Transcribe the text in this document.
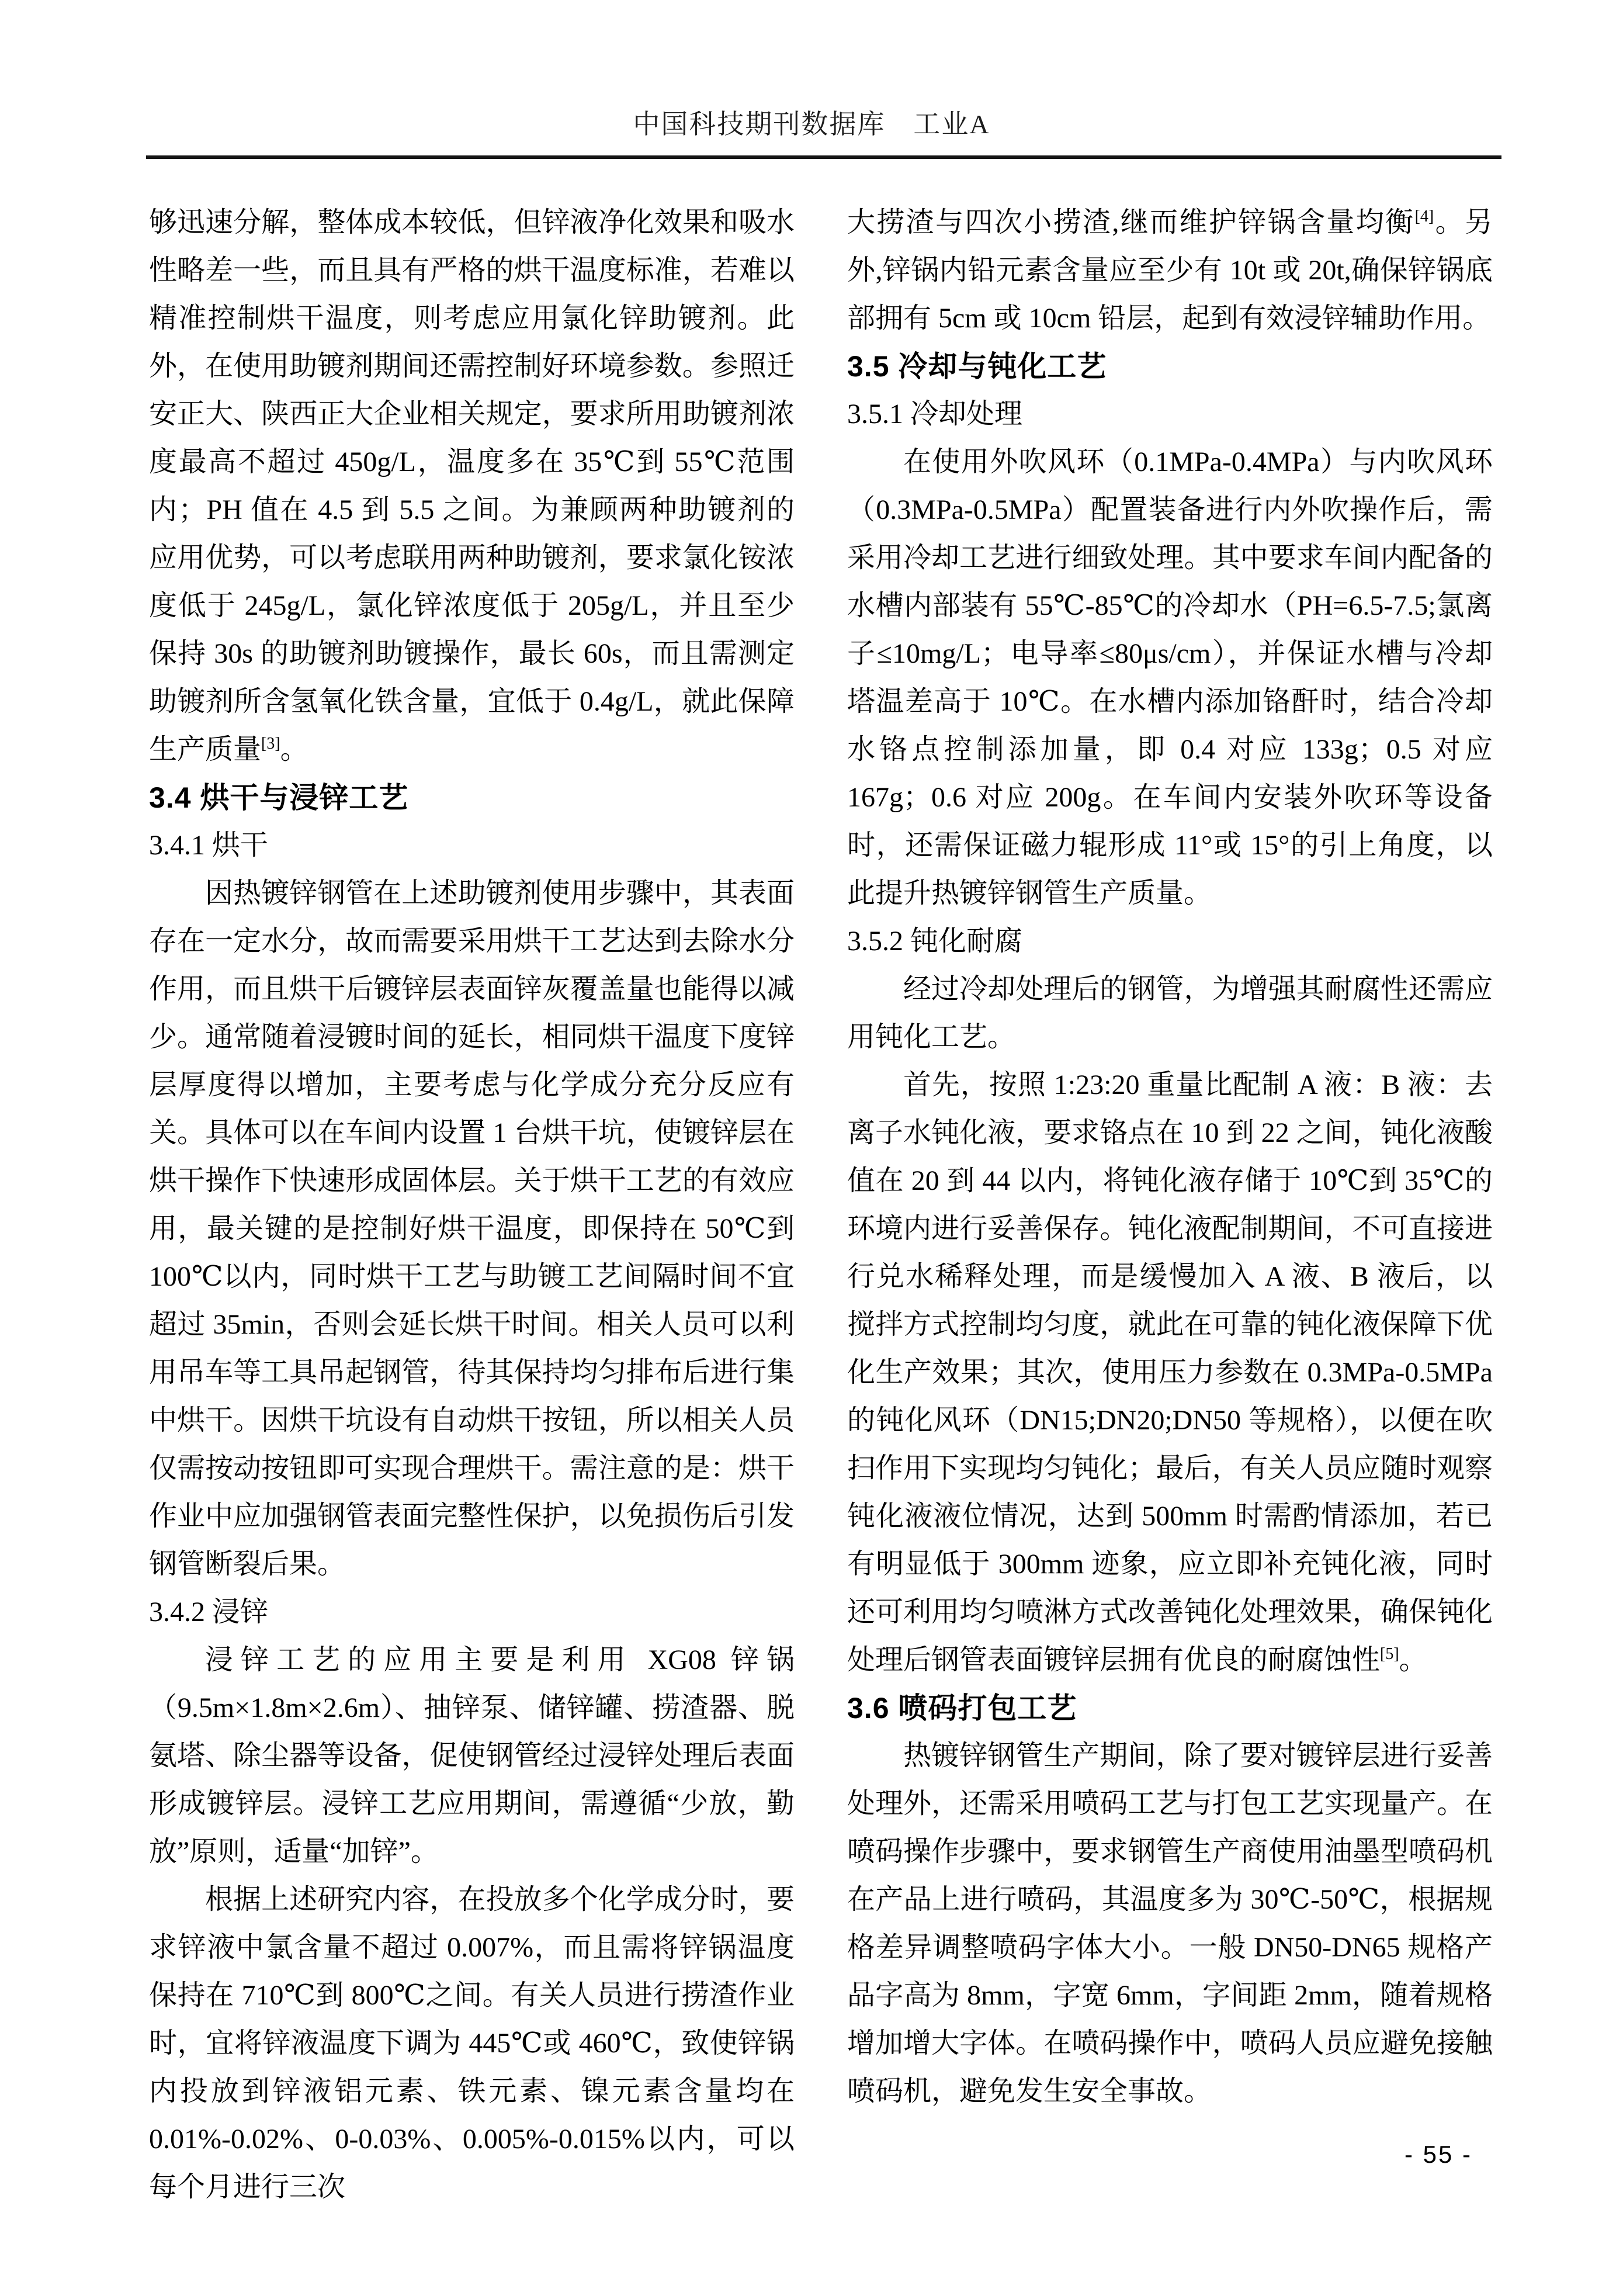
中国科技期刊数据库　工业A

够迅速分解，整体成本较低，但锌液净化效果和吸水性略差一些，而且具有严格的烘干温度标准，若难以精准控制烘干温度，则考虑应用氯化锌助镀剂。此外，在使用助镀剂期间还需控制好环境参数。参照迁安正大、陕西正大企业相关规定，要求所用助镀剂浓度最高不超过 450g/L，温度多在 35℃到 55℃范围内；PH 值在 4.5 到 5.5 之间。为兼顾两种助镀剂的应用优势，可以考虑联用两种助镀剂，要求氯化铵浓度低于 245g/L，氯化锌浓度低于 205g/L，并且至少保持 30s 的助镀剂助镀操作，最长 60s，而且需测定助镀剂所含氢氧化铁含量，宜低于 0.4g/L，就此保障生产质量[3]。

3.4 烘干与浸锌工艺
3.4.1 烘干

因热镀锌钢管在上述助镀剂使用步骤中，其表面存在一定水分，故而需要采用烘干工艺达到去除水分作用，而且烘干后镀锌层表面锌灰覆盖量也能得以减少。通常随着浸镀时间的延长，相同烘干温度下度锌层厚度得以增加，主要考虑与化学成分充分反应有关。具体可以在车间内设置 1 台烘干坑，使镀锌层在烘干操作下快速形成固体层。关于烘干工艺的有效应用，最关键的是控制好烘干温度，即保持在 50℃到 100℃以内，同时烘干工艺与助镀工艺间隔时间不宜超过 35min，否则会延长烘干时间。相关人员可以利用吊车等工具吊起钢管，待其保持均匀排布后进行集中烘干。因烘干坑设有自动烘干按钮，所以相关人员仅需按动按钮即可实现合理烘干。需注意的是：烘干作业中应加强钢管表面完整性保护，以免损伤后引发钢管断裂后果。

3.4.2 浸锌

浸锌工艺的应用主要是利用 XG08 锌锅（9.5m×1.8m×2.6m）、抽锌泵、储锌罐、捞渣器、脱氨塔、除尘器等设备，促使钢管经过浸锌处理后表面形成镀锌层。浸锌工艺应用期间，需遵循“少放，勤放”原则，适量“加锌”。

根据上述研究内容，在投放多个化学成分时，要求锌液中氯含量不超过 0.007%，而且需将锌锅温度保持在 710℃到 800℃之间。有关人员进行捞渣作业时，宜将锌液温度下调为 445℃或 460℃，致使锌锅内投放到锌液铝元素、铁元素、镍元素含量均在 0.01%-0.02%、0-0.03%、0.005%-0.015%以内，可以每个月进行三次

大捞渣与四次小捞渣,继而维护锌锅含量均衡[4]。另外,锌锅内铅元素含量应至少有 10t 或 20t,确保锌锅底部拥有 5cm 或 10cm 铅层，起到有效浸锌辅助作用。

3.5 冷却与钝化工艺
3.5.1 冷却处理

在使用外吹风环（0.1MPa-0.4MPa）与内吹风环（0.3MPa-0.5MPa）配置装备进行内外吹操作后，需采用冷却工艺进行细致处理。其中要求车间内配备的水槽内部装有 55℃-85℃的冷却水（PH=6.5-7.5;氯离子≤10mg/L；电导率≤80μs/cm），并保证水槽与冷却塔温差高于 10℃。在水槽内添加铬酐时，结合冷却水铬点控制添加量，即 0.4 对应 133g；0.5 对应 167g；0.6 对应 200g。在车间内安装外吹环等设备时，还需保证磁力辊形成 11°或 15°的引上角度，以此提升热镀锌钢管生产质量。

3.5.2 钝化耐腐

经过冷却处理后的钢管，为增强其耐腐性还需应用钝化工艺。

首先，按照 1:23:20 重量比配制 A 液：B 液：去离子水钝化液，要求铬点在 10 到 22 之间，钝化液酸值在 20 到 44 以内，将钝化液存储于 10℃到 35℃的环境内进行妥善保存。钝化液配制期间，不可直接进行兑水稀释处理，而是缓慢加入 A 液、B 液后，以搅拌方式控制均匀度，就此在可靠的钝化液保障下优化生产效果；其次，使用压力参数在 0.3MPa-0.5MPa 的钝化风环（DN15;DN20;DN50 等规格），以便在吹扫作用下实现均匀钝化；最后，有关人员应随时观察钝化液液位情况，达到 500mm 时需酌情添加，若已有明显低于 300mm 迹象，应立即补充钝化液，同时还可利用均匀喷淋方式改善钝化处理效果，确保钝化处理后钢管表面镀锌层拥有优良的耐腐蚀性[5]。

3.6 喷码打包工艺

热镀锌钢管生产期间，除了要对镀锌层进行妥善处理外，还需采用喷码工艺与打包工艺实现量产。在喷码操作步骤中，要求钢管生产商使用油墨型喷码机在产品上进行喷码，其温度多为 30℃-50℃，根据规格差异调整喷码字体大小。一般 DN50-DN65 规格产品字高为 8mm，字宽 6mm，字间距 2mm，随着规格增加增大字体。在喷码操作中，喷码人员应避免接触喷码机，避免发生安全事故。

- 55 -
